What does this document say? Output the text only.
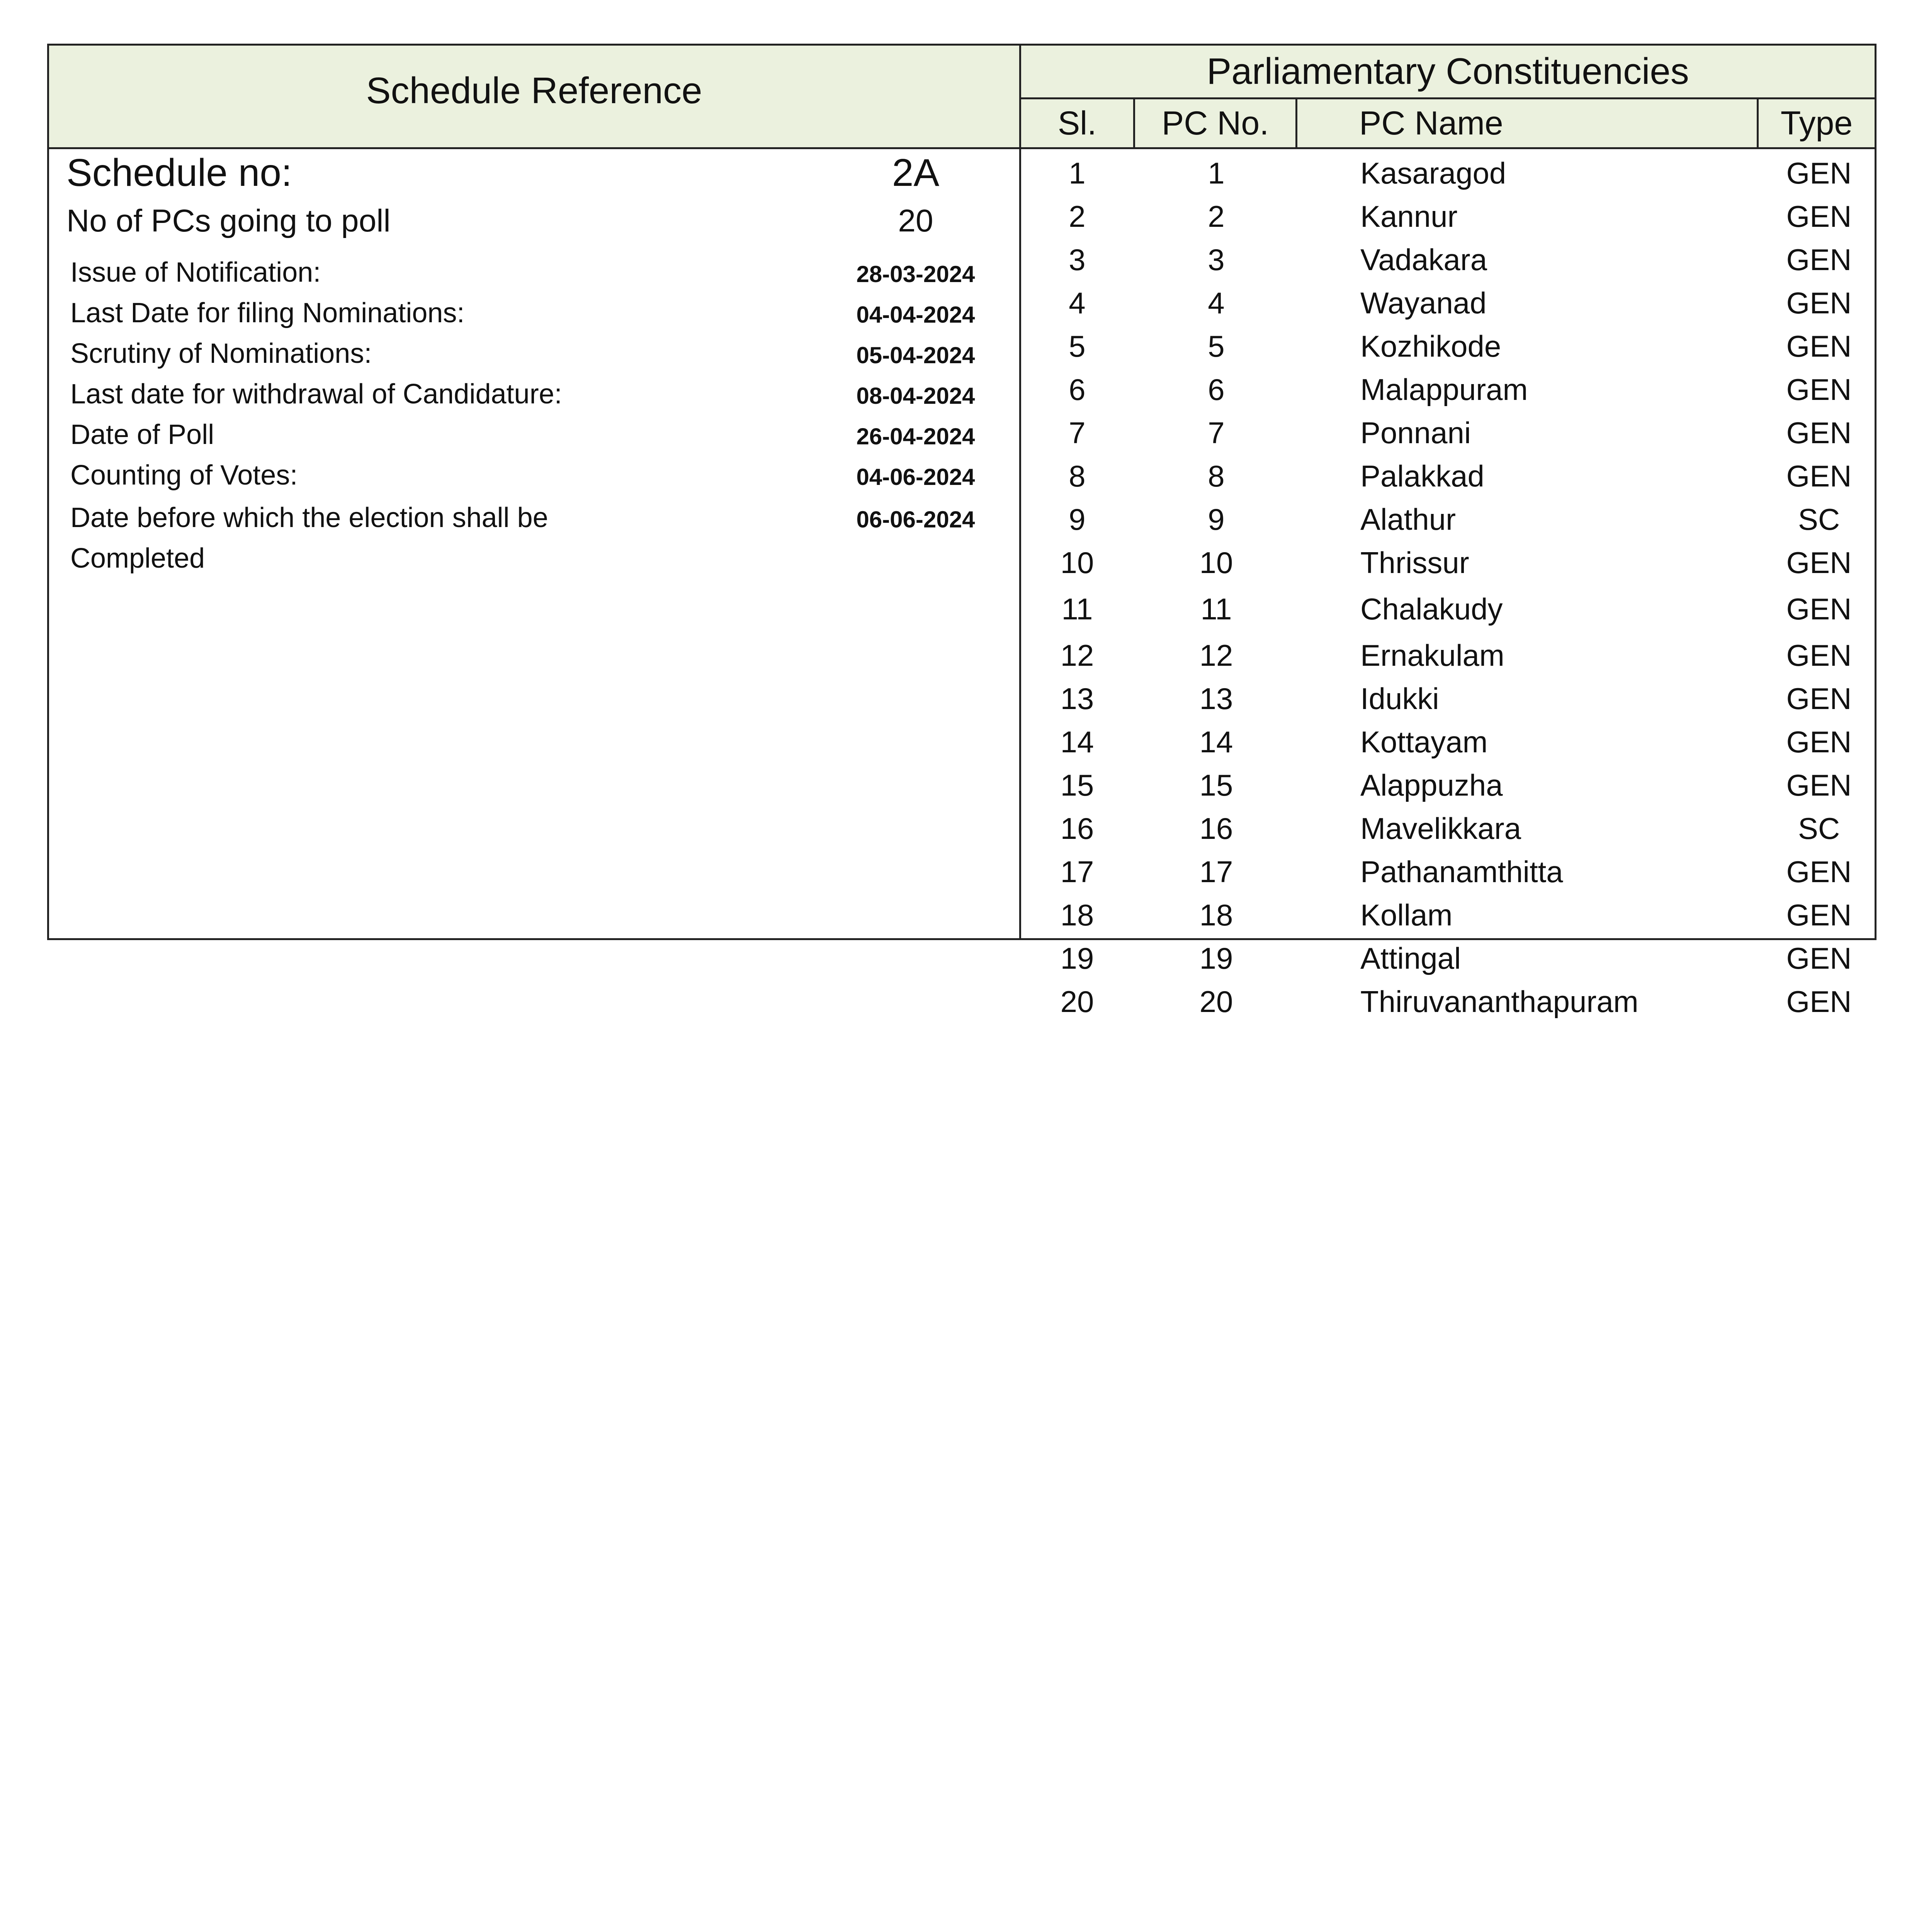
Schedule Reference	Parliamentary Constituencies
Sl.	PC No.	PC Name	Type
Schedule no:	2A
No of PCs going to poll	20
Issue of Notification:	28-03-2024
Last Date for filing Nominations:	04-04-2024
Scrutiny of Nominations:	05-04-2024
Last date for withdrawal of Candidature:	08-04-2024
Date of Poll	26-04-2024
Counting of Votes:	04-06-2024
Date before which the election shall be	06-06-2024
Completed
1	1	Kasaragod	GEN
2	2	Kannur	GEN
3	3	Vadakara	GEN
4	4	Wayanad	GEN
5	5	Kozhikode	GEN
6	6	Malappuram	GEN
7	7	Ponnani	GEN
8	8	Palakkad	GEN
9	9	Alathur	SC
10	10	Thrissur	GEN
11	11	Chalakudy	GEN
12	12	Ernakulam	GEN
13	13	Idukki	GEN
14	14	Kottayam	GEN
15	15	Alappuzha	GEN
16	16	Mavelikkara	SC
17	17	Pathanamthitta	GEN
18	18	Kollam	GEN
19	19	Attingal	GEN
20	20	Thiruvananthapuram	GEN
